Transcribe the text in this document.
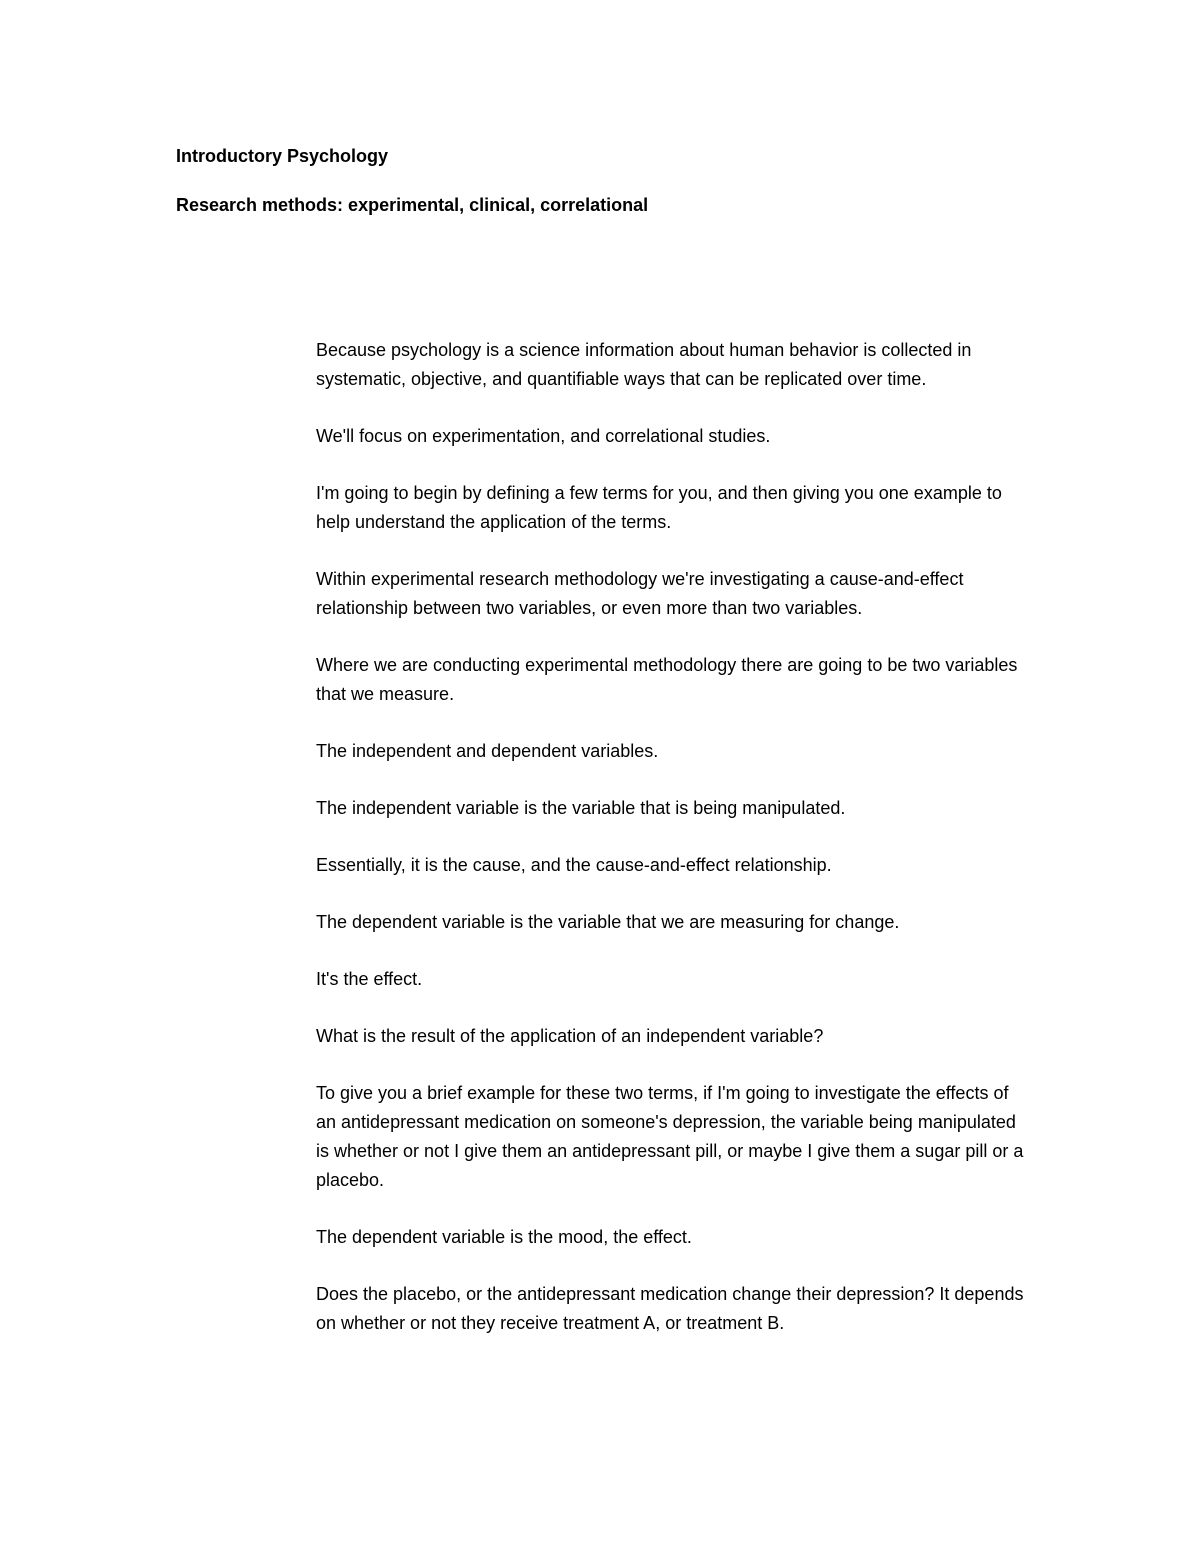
Introductory Psychology
Research methods: experimental, clinical, correlational

Because psychology is a science information about human behavior is collected in systematic, objective, and quantifiable ways that can be replicated over time.

We'll focus on experimentation, and correlational studies.

I'm going to begin by defining a few terms for you, and then giving you one example to help understand the application of the terms.

Within experimental research methodology we're investigating a cause-and-effect relationship between two variables, or even more than two variables.

Where we are conducting experimental methodology there are going to be two variables that we measure.

The independent and dependent variables.

The independent variable is the variable that is being manipulated.

Essentially, it is the cause, and the cause-and-effect relationship.

The dependent variable is the variable that we are measuring for change.

It's the effect.

What is the result of the application of an independent variable?

To give you a brief example for these two terms, if I'm going to investigate the effects of an antidepressant medication on someone's depression, the variable being manipulated is whether or not I give them an antidepressant pill, or maybe I give them a sugar pill or a placebo.

The dependent variable is the mood, the effect.

Does the placebo, or the antidepressant medication change their depression? It depends on whether or not they receive treatment A, or treatment B.
